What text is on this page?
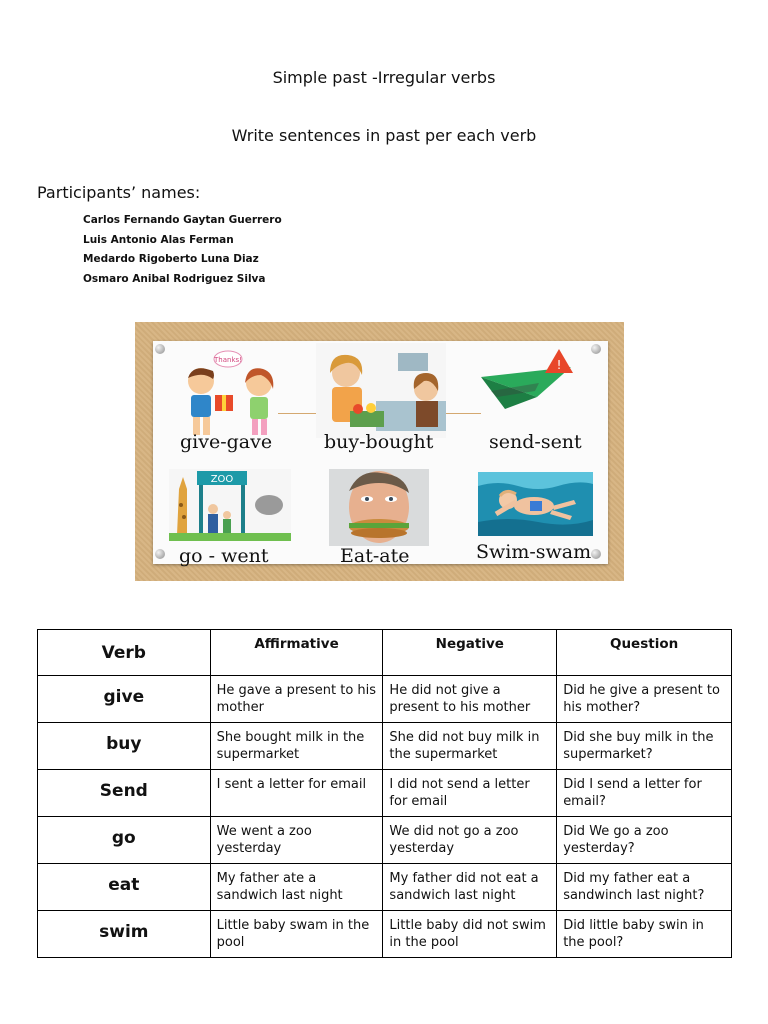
Simple past -Irregular verbs
Write sentences in past per each verb
Participants’ names:
Carlos Fernando Gaytan Guerrero
Luis Antonio Alas Ferman
Medardo Rigoberto Luna Diaz
Osmaro Anibal Rodriguez Silva
Thanks!
give-gave	buy-bought
!
send-sent
ZOO
go - went	Eat-ate	Swim-swam
Verb	Affirmative	Negative	Question
give	He gave a present to his mother	He did not give a present to his mother	Did he give a present to his mother?
buy	She bought milk in the supermarket	She did not buy milk in the supermarket	Did she buy milk in the supermarket?
Send	I sent a letter for email	I did not send a letter for email	Did I send a letter for email?
go	We went a zoo yesterday	We did not go a zoo yesterday	Did We go a zoo yesterday?
eat	My father ate a sandwich last night	My father did not eat a sandwich last night	Did my father eat a sandwinch last night?
swim	Little baby swam in the pool	Little baby did not swim in the pool	Did little baby swin in the pool?
